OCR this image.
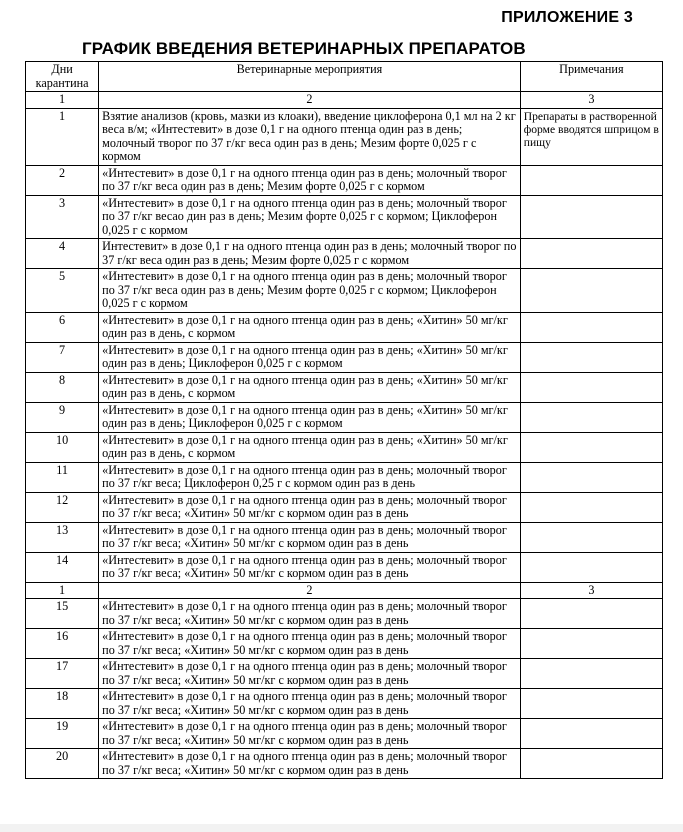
ПРИЛОЖЕНИЕ 3
ГРАФИК ВВЕДЕНИЯ ВЕТЕРИНАРНЫХ ПРЕПАРАТОВ
Дни карантина	Ветеринарные мероприятия	Примечания
1	2	3
1	Взятие анализов (кровь, мазки из клоаки), введение циклоферона 0,1 мл на 2 кг веса в/м; «Интестевит» в дозе 0,1 г на одного птенца один раз в день; молочный творог по 37 г/кг веса один раз в день; Мезим форте 0,025 г с кормом	Препараты в растворенной форме вводятся шприцом в пищу
2	«Интестевит» в дозе 0,1 г на одного птенца один раз в день; молочный творог по 37 г/кг веса один раз в день; Мезим форте 0,025 г с кормом	
3	«Интестевит» в дозе 0,1 г на одного птенца один раз в день; молочный творог по 37 г/кг весао дин раз в день; Мезим форте 0,025 г с кормом; Циклоферон 0,025 г с кормом	
4	Интестевит» в дозе 0,1 г на одного птенца один раз в день; молочный творог по 37 г/кг веса один раз в день; Мезим форте 0,025 г с кормом	
5	«Интестевит» в дозе 0,1 г на одного птенца один раз в день; молочный творог по 37 г/кг веса один раз в день; Мезим форте 0,025 г с кормом; Циклоферон 0,025 г с кормом	
6	«Интестевит» в дозе 0,1 г на одного птенца один раз в день; «Хитин» 50 мг/кг один раз в день, с кормом	
7	«Интестевит» в дозе 0,1 г на одного птенца один раз в день; «Хитин» 50 мг/кг один раз в день; Циклоферон 0,025 г с кормом	
8	«Интестевит» в дозе 0,1 г на одного птенца один раз в день; «Хитин» 50 мг/кг один раз в день, с кормом	
9	«Интестевит» в дозе 0,1 г на одного птенца один раз в день; «Хитин» 50 мг/кг один раз в день; Циклоферон 0,025 г с кормом	
10	«Интестевит» в дозе 0,1 г на одного птенца один раз в день; «Хитин» 50 мг/кг один раз в день, с кормом	
11	«Интестевит» в дозе 0,1 г на одного птенца один раз в день; молочный творог по 37 г/кг веса; Циклоферон 0,25 г с кормом один раз в день	
12	«Интестевит» в дозе 0,1 г на одного птенца один раз в день; молочный творог по 37 г/кг веса; «Хитин» 50 мг/кг с кормом один раз в день	
13	«Интестевит» в дозе 0,1 г на одного птенца один раз в день; молочный творог по 37 г/кг веса; «Хитин» 50 мг/кг с кормом один раз в день	
14	«Интестевит» в дозе 0,1 г на одного птенца один раз в день; молочный творог по 37 г/кг веса; «Хитин» 50 мг/кг с кормом один раз в день	
1	2	3
15	«Интестевит» в дозе 0,1 г на одного птенца один раз в день; молочный творог по 37 г/кг веса; «Хитин» 50 мг/кг с кормом один раз в день	
16	«Интестевит» в дозе 0,1 г на одного птенца один раз в день; молочный творог по 37 г/кг веса; «Хитин» 50 мг/кг с кормом один раз в день	
17	«Интестевит» в дозе 0,1 г на одного птенца один раз в день; молочный творог по 37 г/кг веса; «Хитин» 50 мг/кг с кормом один раз в день	
18	«Интестевит» в дозе 0,1 г на одного птенца один раз в день; молочный творог по 37 г/кг веса; «Хитин» 50 мг/кг с кормом один раз в день	
19	«Интестевит» в дозе 0,1 г на одного птенца один раз в день; молочный творог по 37 г/кг веса; «Хитин» 50 мг/кг с кормом один раз в день	
20	«Интестевит» в дозе 0,1 г на одного птенца один раз в день; молочный творог по 37 г/кг веса; «Хитин» 50 мг/кг с кормом один раз в день	
